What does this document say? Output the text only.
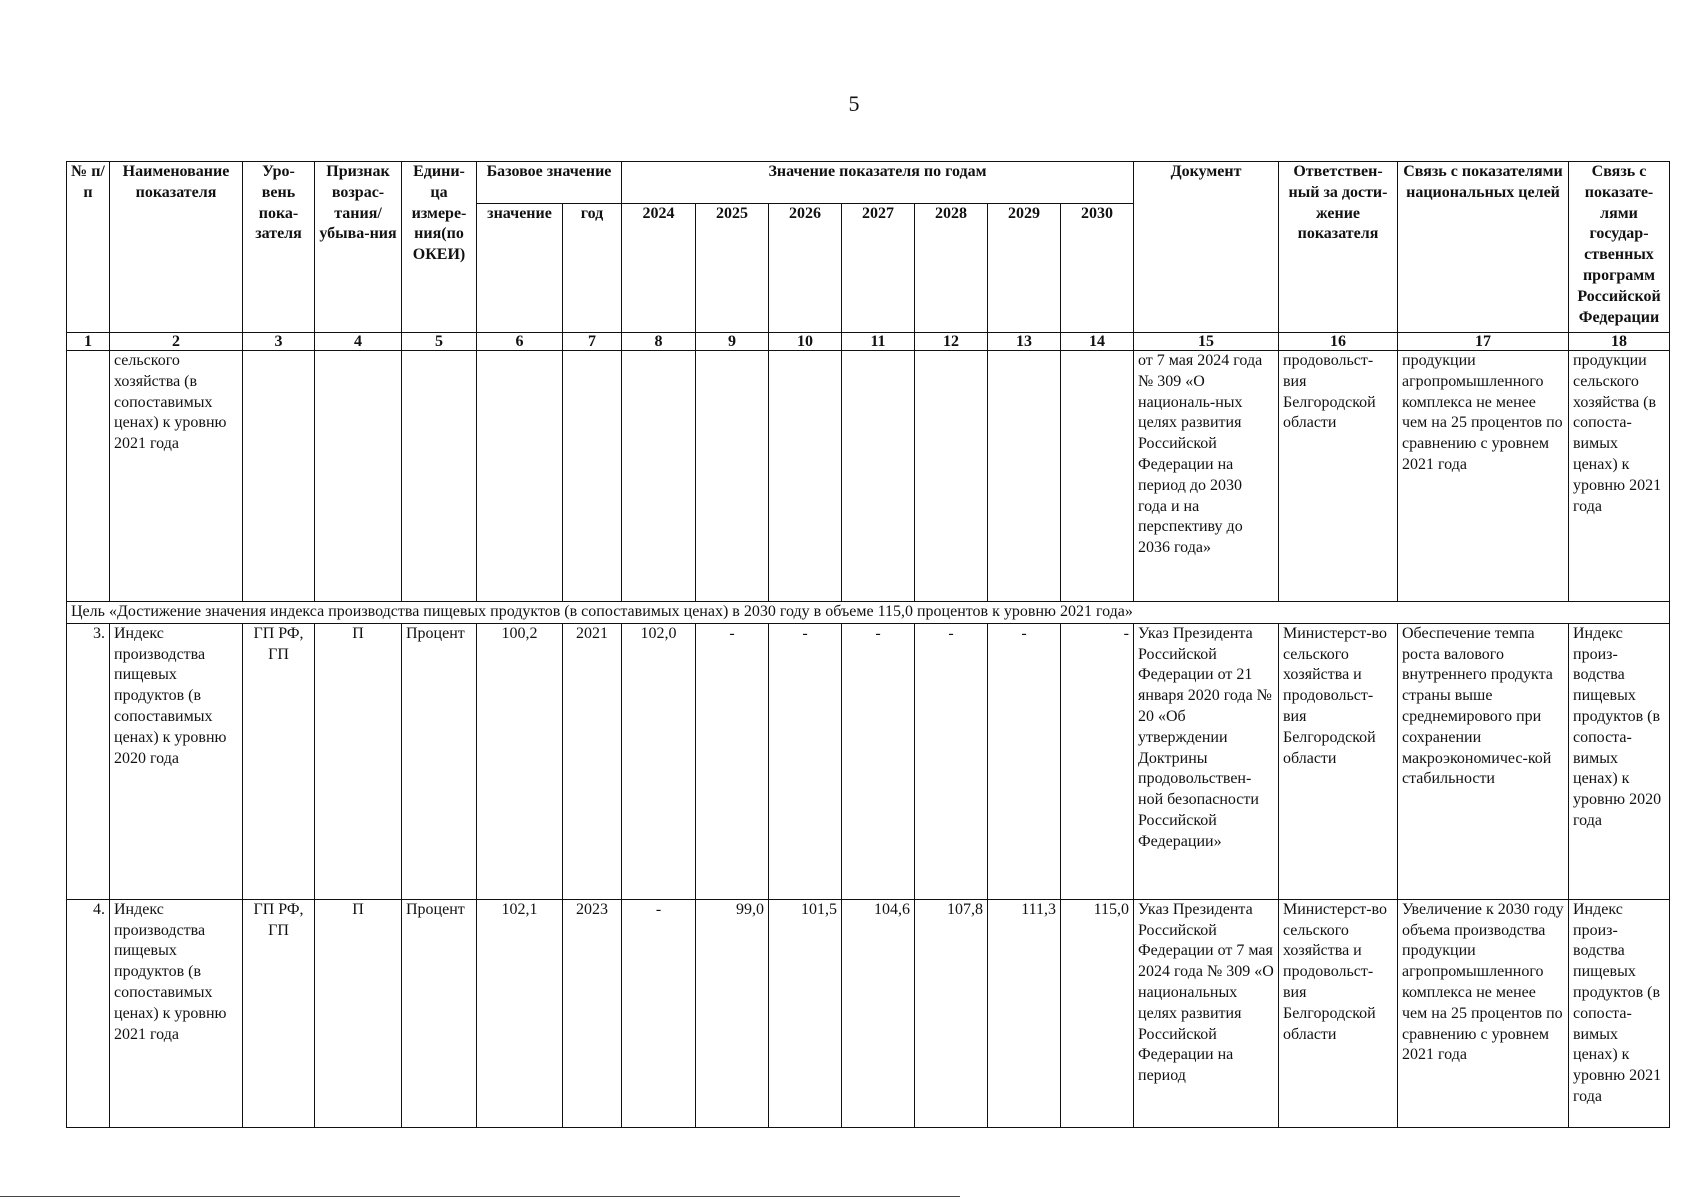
5
№ п/п	Наименование показателя	Уро-вень пока-зателя	Признак возрас-тания/ убыва-ния	Едини-ца измере-ния(по ОКЕИ)	Базовое значение		Значение показателя по годам							Документ	Ответствен-ный за дости-жение показателя	Связь с показателями национальных целей	Связь с показате-лями государ-ственных программ Российской Федерации
					значение	год	2024	2025	2026	2027	2028	2029	2030				
1	2	3	4	5	6	7	8	9	10	11	12	13	14	15	16	17	18
	сельского хозяйства (в сопоставимых ценах) к уровню 2021 года													от 7 мая 2024 года № 309 «О националь-ных целях развития Российской Федерации на период до 2030 года и на перспективу до 2036 года»	продовольст-вия Белгородской области	продукции агропромышленного комплекса не менее чем на 25 процентов по сравнению с уровнем 2021 года	продукции сельского хозяйства (в сопоста-вимых ценах) к уровню 2021 года
Цель «Достижение значения индекса производства пищевых продуктов (в сопоставимых ценах) в 2030 году в объеме 115,0 процентов к уровню 2021 года»																	
3.	Индекс производства пищевых продуктов (в сопоставимых ценах) к уровню 2020 года	ГП РФ, ГП	П	Процент	100,2	2021	102,0	-	-	-	-	-	-	Указ Президента Российской Федерации от 21 января 2020 года № 20 «Об утверждении Доктрины продовольствен-ной безопасности Российской Федерации»	Министерст-во сельского хозяйства и продовольст-вия Белгородской области	Обеспечение темпа роста валового внутреннего продукта страны выше среднемирового при сохранении макроэкономичес-кой стабильности	Индекс произ-водства пищевых продуктов (в сопоста-вимых ценах) к уровню 2020 года
4.	Индекс производства пищевых продуктов (в сопоставимых ценах) к уровню 2021 года	ГП РФ, ГП	П	Процент	102,1	2023	-	99,0	101,5	104,6	107,8	111,3	115,0	Указ Президента Российской Федерации от 7 мая 2024 года № 309 «О национальных целях развития Российской Федерации на период	Министерст-во сельского хозяйства и продовольст-вия Белгородской области	Увеличение к 2030 году объема производства продукции агропромышленного комплекса не менее чем на 25 процентов по сравнению с уровнем 2021 года	Индекс произ-водства пищевых продуктов (в сопоста-вимых ценах) к уровню 2021 года
